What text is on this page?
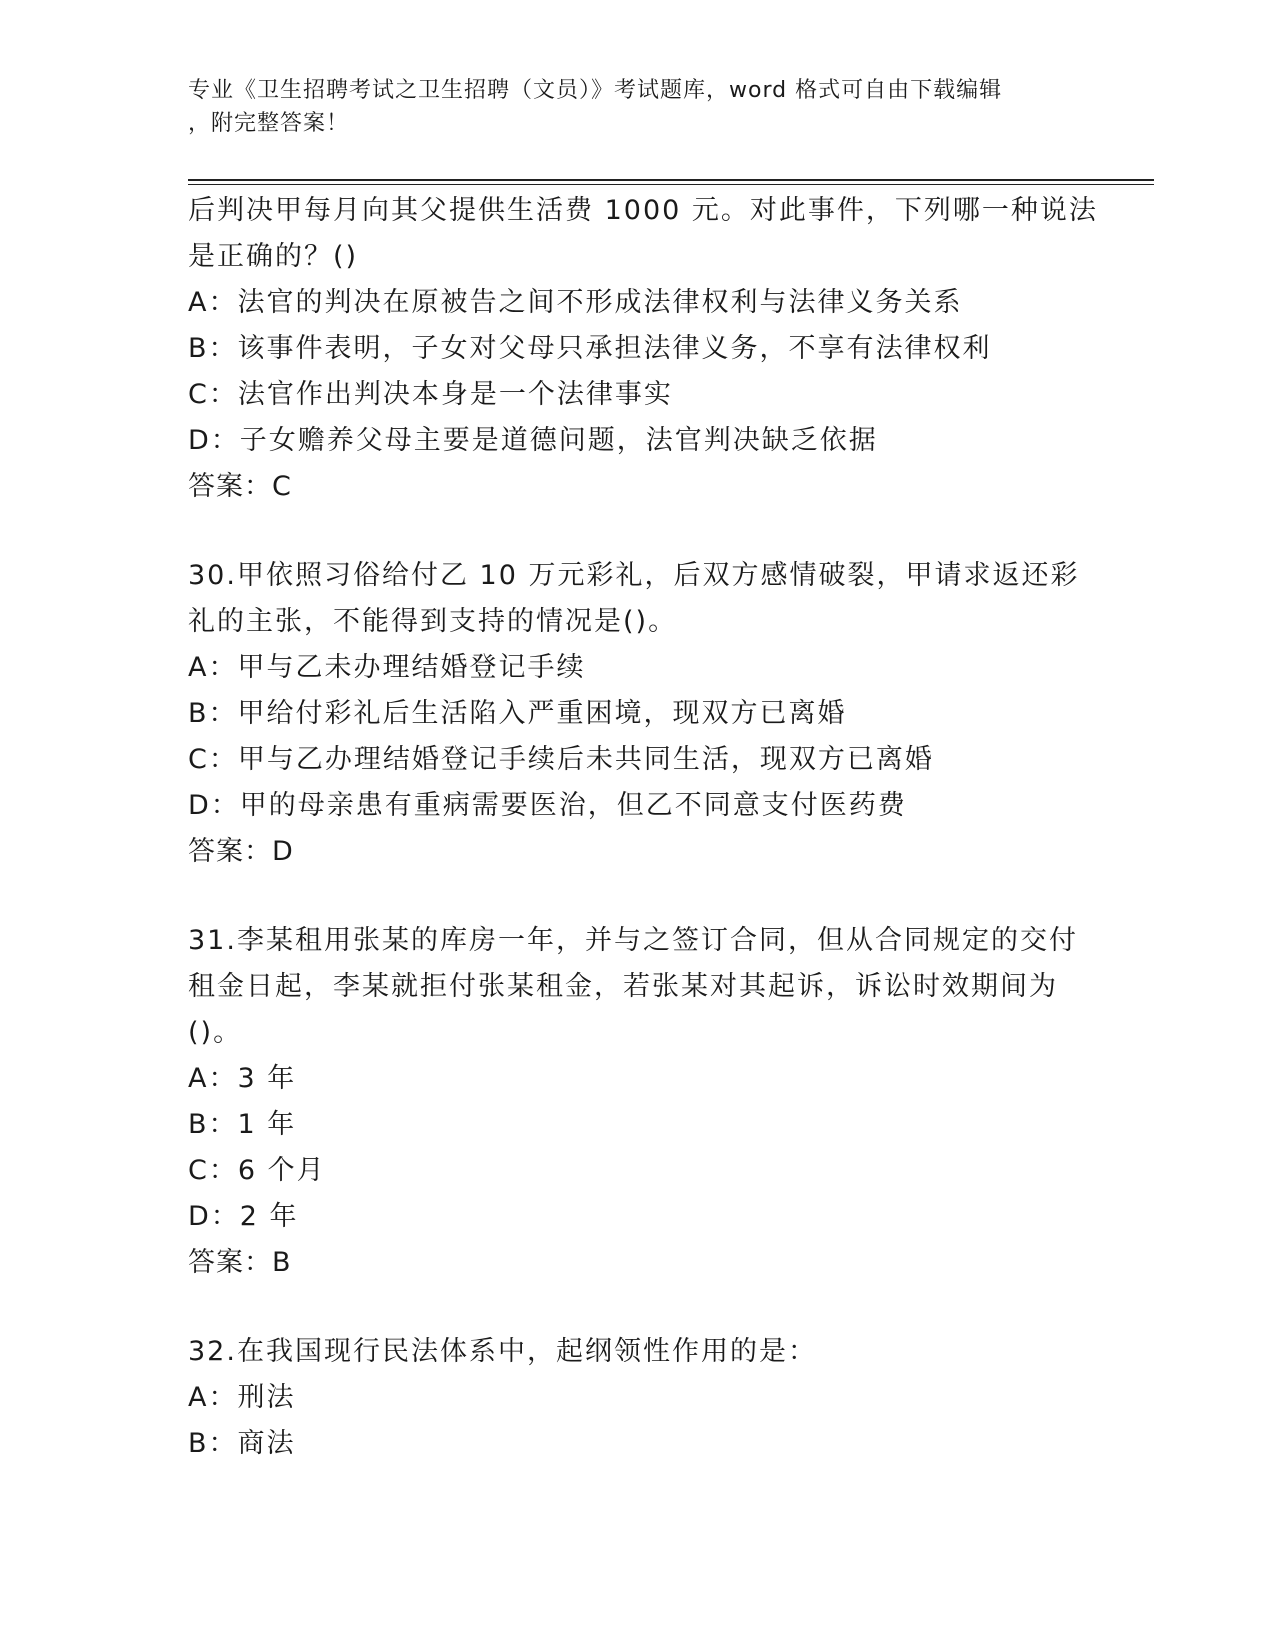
专业《卫生招聘考试之卫生招聘（文员）》考试题库，word 格式可自由下载编辑
，附完整答案！
后判决甲每月向其父提供生活费 1000 元。对此事件，下列哪一种说法
是正确的？()
A：法官的判决在原被告之间不形成法律权利与法律义务关系
B：该事件表明，子女对父母只承担法律义务，不享有法律权利
C：法官作出判决本身是一个法律事实
D：子女赡养父母主要是道德问题，法官判决缺乏依据
答案：C
30.甲依照习俗给付乙 10 万元彩礼，后双方感情破裂，甲请求返还彩
礼的主张，不能得到支持的情况是()。
A：甲与乙未办理结婚登记手续
B：甲给付彩礼后生活陷入严重困境，现双方已离婚
C：甲与乙办理结婚登记手续后未共同生活，现双方已离婚
D：甲的母亲患有重病需要医治，但乙不同意支付医药费
答案：D
31.李某租用张某的库房一年，并与之签订合同，但从合同规定的交付
租金日起，李某就拒付张某租金，若张某对其起诉，诉讼时效期间为
()。
A：3 年
B：1 年
C：6 个月
D：2 年
答案：B
32.在我国现行民法体系中，起纲领性作用的是：
A：刑法
B：商法
